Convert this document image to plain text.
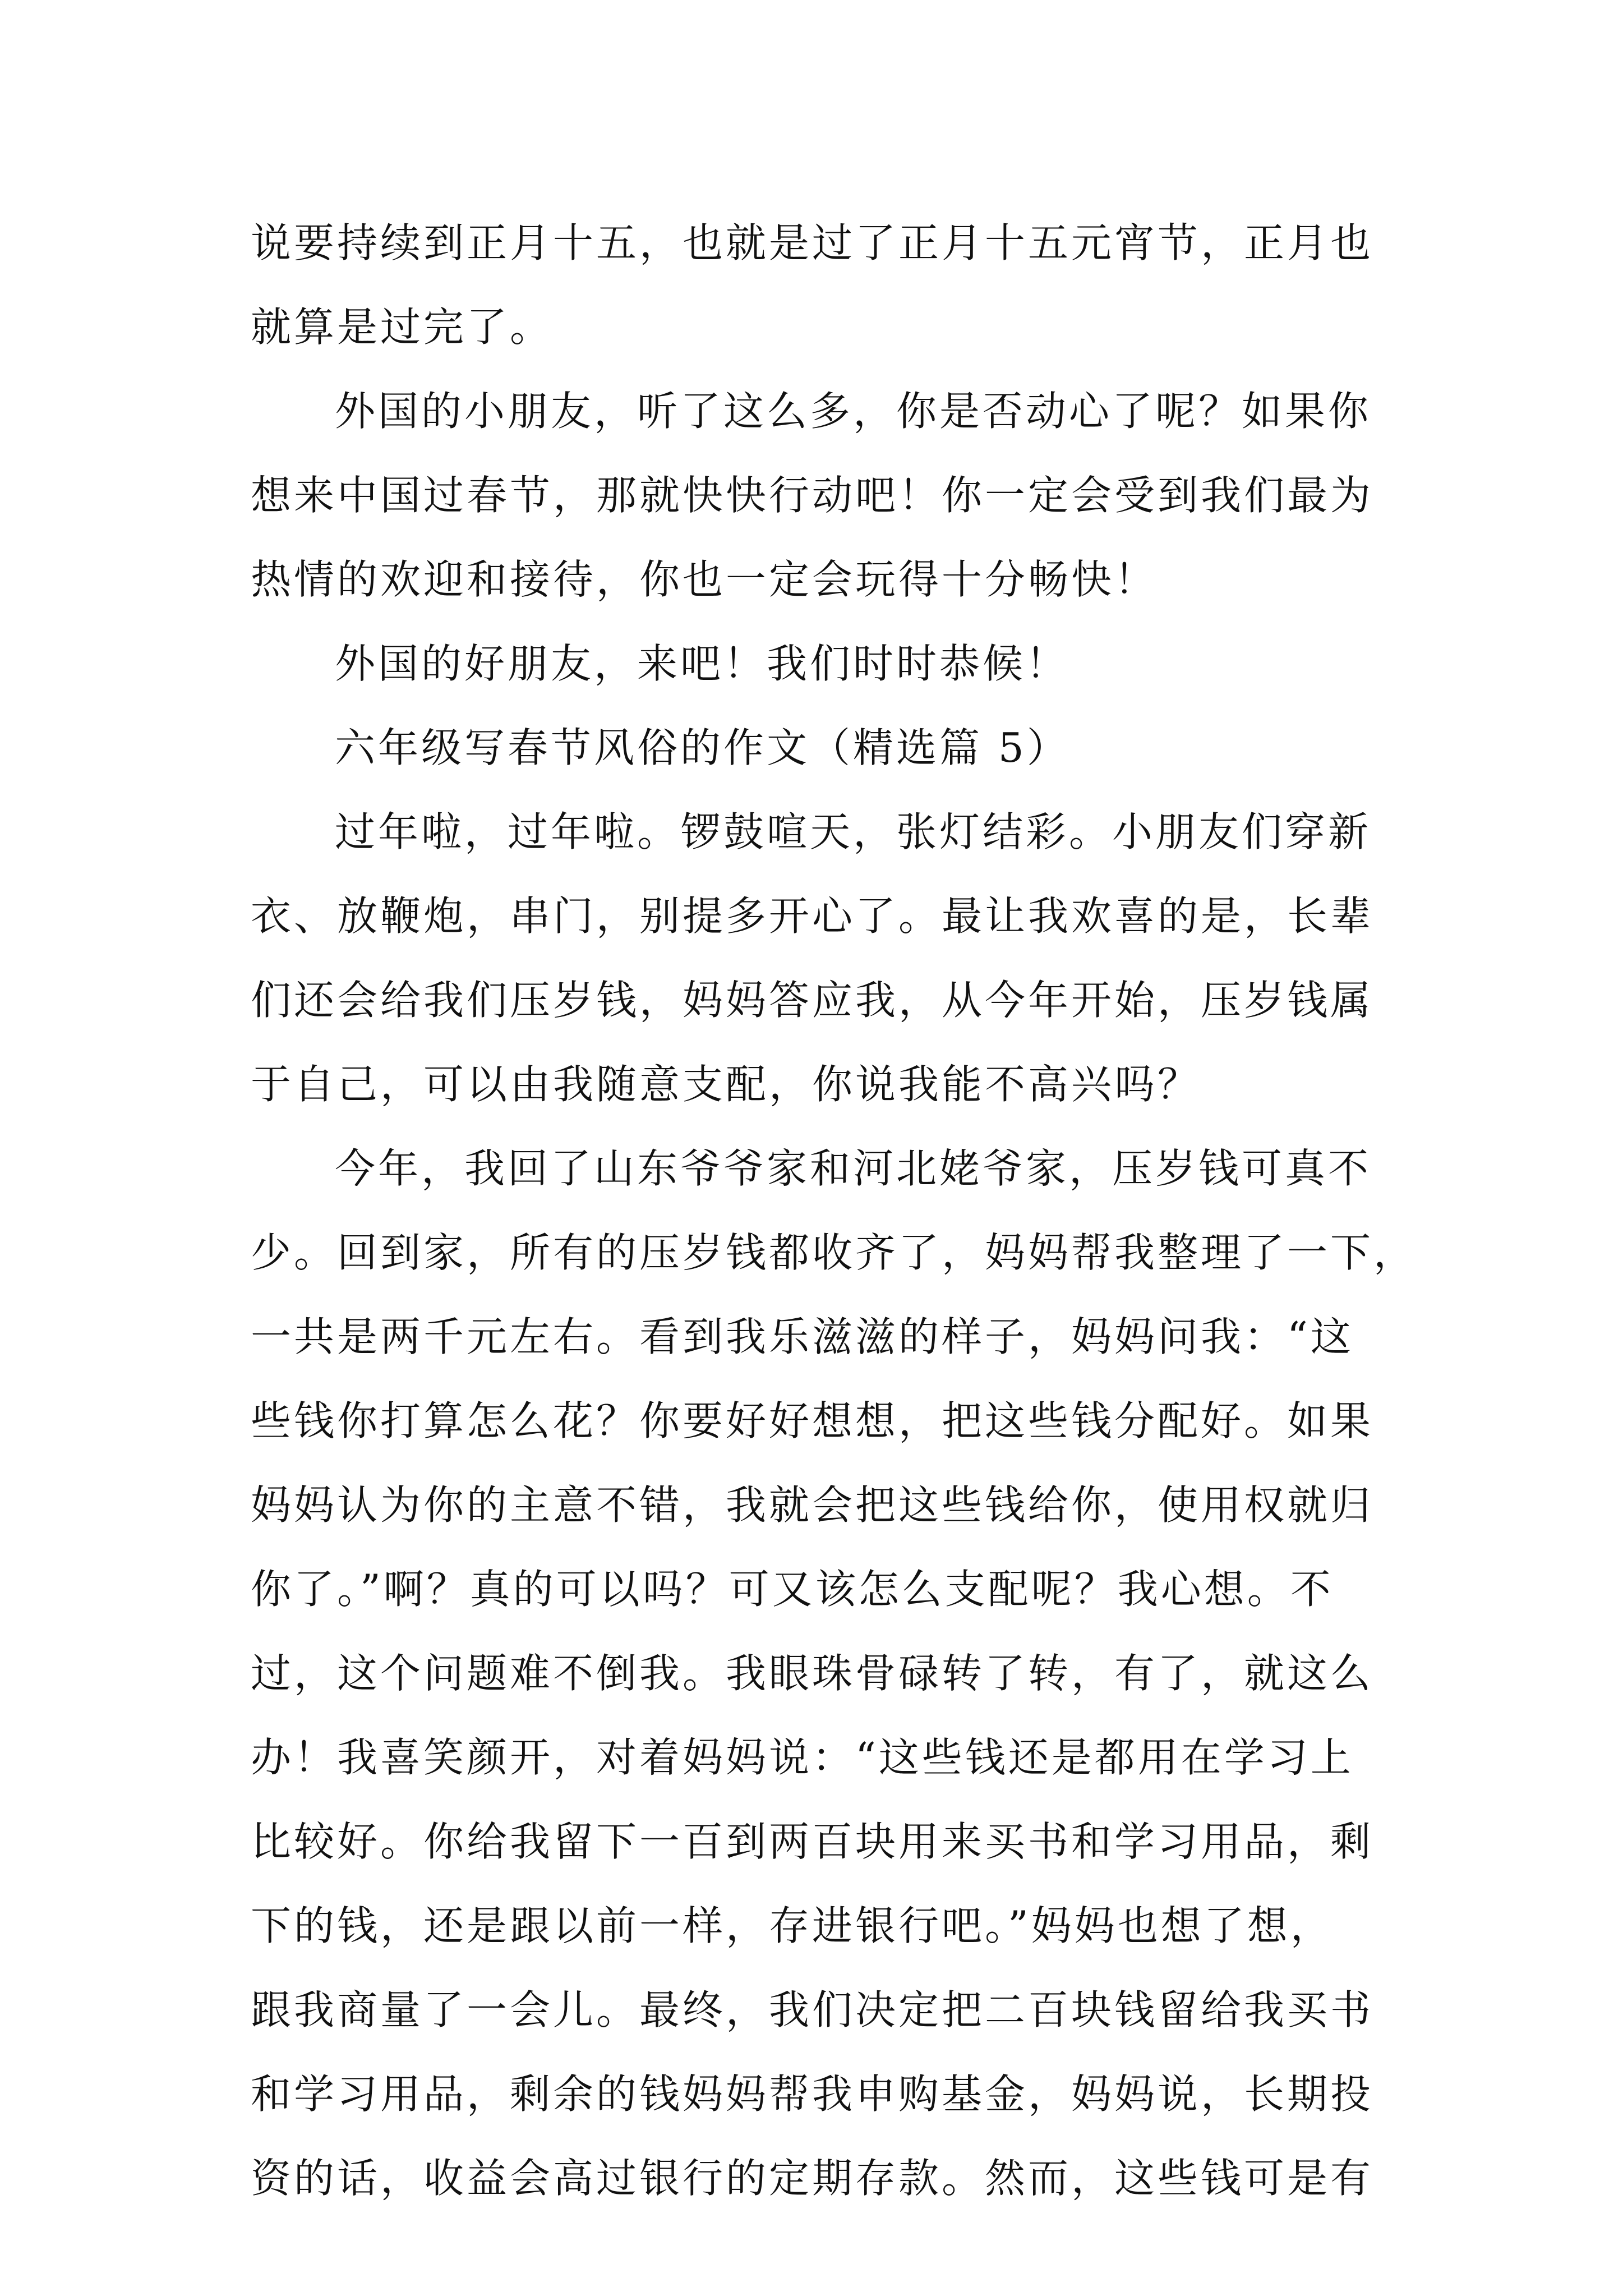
说要持续到正月十五，也就是过了正月十五元宵节，正月也
就算是过完了。
外国的小朋友，听了这么多，你是否动心了呢？如果你
想来中国过春节，那就快快行动吧！你一定会受到我们最为
热情的欢迎和接待，你也一定会玩得十分畅快！
外国的好朋友，来吧！我们时时恭候！
六年级写春节风俗的作文（精选篇 5）
过年啦，过年啦。锣鼓喧天，张灯结彩。小朋友们穿新
衣、放鞭炮，串门，别提多开心了。最让我欢喜的是，长辈
们还会给我们压岁钱，妈妈答应我，从今年开始，压岁钱属
于自己，可以由我随意支配，你说我能不高兴吗？
今年，我回了山东爷爷家和河北姥爷家，压岁钱可真不
少。回到家，所有的压岁钱都收齐了，妈妈帮我整理了一下，
一共是两千元左右。看到我乐滋滋的样子，妈妈问我：“这
些钱你打算怎么花？你要好好想想，把这些钱分配好。如果
妈妈认为你的主意不错，我就会把这些钱给你，使用权就归
你了。”啊？真的可以吗？可又该怎么支配呢？我心想。不
过，这个问题难不倒我。我眼珠骨碌转了转，有了，就这么
办！我喜笑颜开，对着妈妈说：“这些钱还是都用在学习上
比较好。你给我留下一百到两百块用来买书和学习用品，剩
下的钱，还是跟以前一样，存进银行吧。”妈妈也想了想，
跟我商量了一会儿。最终，我们决定把二百块钱留给我买书
和学习用品，剩余的钱妈妈帮我申购基金，妈妈说，长期投
资的话，收益会高过银行的定期存款。然而，这些钱可是有
